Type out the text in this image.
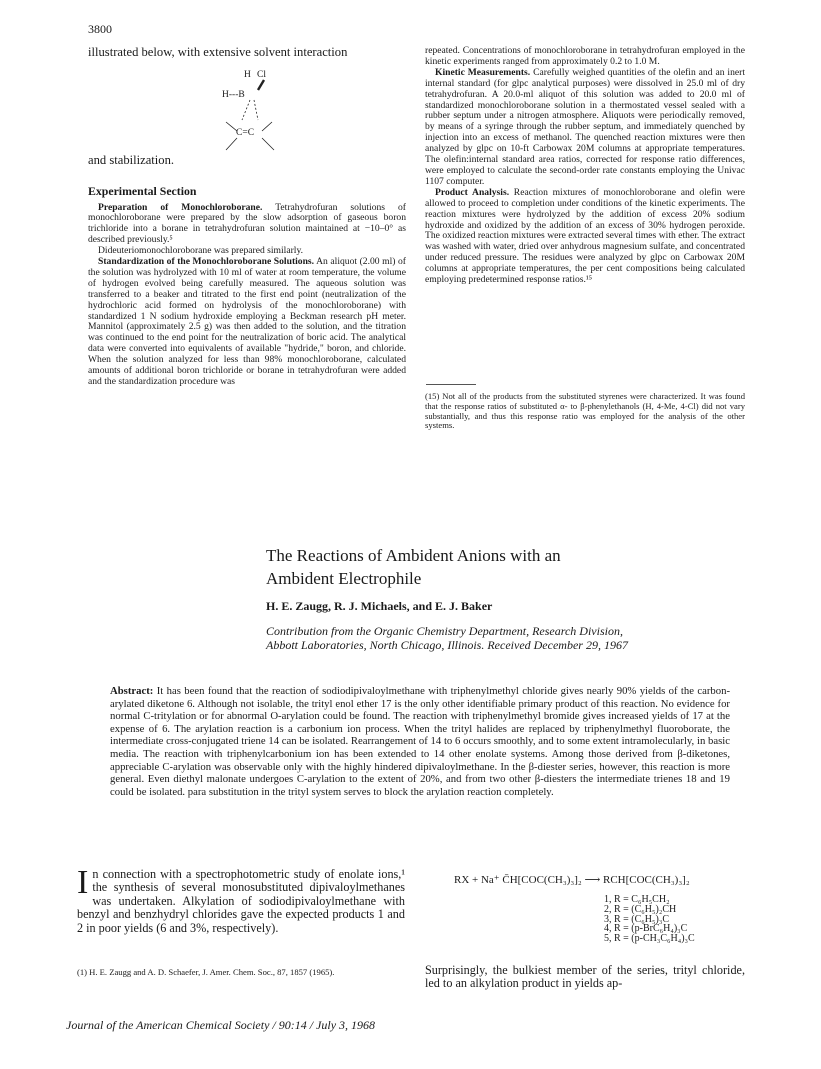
3800

illustrated below, with extensive solvent interaction

H Cl
H---B
C=C

and stabilization.

Experimental Section

Preparation of Monochloroborane. Tetrahydrofuran solutions of monochloroborane were prepared by the slow adsorption of gaseous boron trichloride into a borane in tetrahydrofuran solution maintained at −10–0° as described previously.⁵

Dideuteriomonochloroborane was prepared similarly.

Standardization of the Monochloroborane Solutions. An aliquot (2.00 ml) of the solution was hydrolyzed with 10 ml of water at room temperature, the volume of hydrogen evolved being carefully measured. The aqueous solution was transferred to a beaker and titrated to the first end point (neutralization of the hydrochloric acid formed on hydrolysis of the monochloroborane) with standardized 1 N sodium hydroxide employing a Beckman research pH meter. Mannitol (approximately 2.5 g) was then added to the solution, and the titration was continued to the end point for the neutralization of boric acid. The analytical data were converted into equivalents of available "hydride," boron, and chloride. When the solution analyzed for less than 98% monochloroborane, calculated amounts of additional boron trichloride or borane in tetrahydrofuran were added and the standardization procedure was

repeated. Concentrations of monochloroborane in tetrahydrofuran employed in the kinetic experiments ranged from approximately 0.2 to 1.0 M.

Kinetic Measurements. Carefully weighed quantities of the olefin and an inert internal standard (for glpc analytical purposes) were dissolved in 25.0 ml of dry tetrahydrofuran. A 20.0-ml aliquot of this solution was added to 20.0 ml of standardized monochloroborane solution in a thermostated vessel sealed with a rubber septum under a nitrogen atmosphere. Aliquots were periodically removed, by means of a syringe through the rubber septum, and immediately quenched by injection into an excess of methanol. The quenched reaction mixtures were then analyzed by glpc on 10-ft Carbowax 20M columns at appropriate temperatures. The olefin:internal standard area ratios, corrected for response ratio differences, were employed to calculate the second-order rate constants employing the Univac 1107 computer.

Product Analysis. Reaction mixtures of monochloroborane and olefin were allowed to proceed to completion under conditions of the kinetic experiments. The reaction mixtures were hydrolyzed by the addition of excess 20% sodium hydroxide and oxidized by the addition of an excess of 30% hydrogen peroxide. The oxidized reaction mixtures were extracted several times with ether. The extract was washed with water, dried over anhydrous magnesium sulfate, and concentrated under reduced pressure. The residues were analyzed by glpc on Carbowax 20M columns at appropriate temperatures, the per cent compositions being calculated employing predetermined response ratios.¹⁵

(15) Not all of the products from the substituted styrenes were characterized. It was found that the response ratios of substituted α- to β-phenylethanols (H, 4-Me, 4-Cl) did not vary substantially, and thus this response ratio was employed for the analysis of the other systems.
The Reactions of Ambident Anions with an
Ambident Electrophile
H. E. Zaugg, R. J. Michaels, and E. J. Baker
Contribution from the Organic Chemistry Department, Research Division,
Abbott Laboratories, North Chicago, Illinois. Received December 29, 1967
Abstract: It has been found that the reaction of sodiodipivaloylmethane with triphenylmethyl chloride gives nearly 90% yields of the carbon-arylated diketone 6. Although not isolable, the trityl enol ether 17 is the only other identifiable primary product of this reaction. No evidence for normal C-tritylation or for abnormal O-arylation could be found. The reaction with triphenylmethyl bromide gives increased yields of 17 at the expense of 6. The arylation reaction is a carbonium ion process. When the trityl halides are replaced by triphenylmethyl fluoroborate, the intermediate cross-conjugated triene 14 can be isolated. Rearrangement of 14 to 6 occurs smoothly, and to some extent intramolecularly, in basic media. The reaction with triphenylcarbonium ion has been extended to 14 other enolate systems. Among those derived from β-diketones, appreciable C-arylation was observable only with the highly hindered dipivaloylmethane. In the β-diester series, however, this reaction is more general. Even diethyl malonate undergoes C-arylation to the extent of 20%, and from two other β-diesters the intermediate trienes 18 and 19 could be isolated. para substitution in the trityl system serves to block the arylation reaction completely.
In connection with a spectrophotometric study of enolate ions,¹ the synthesis of several monosubstituted dipivaloylmethanes was undertaken. Alkylation of sodiodipivaloylmethane with benzyl and benzhydryl chlorides gave the expected products 1 and 2 in poor yields (6 and 3%, respectively).
(1) H. E. Zaugg and A. D. Schaefer, J. Amer. Chem. Soc., 87, 1857 (1965).
RX + Na⁺ C̄H[COC(CH₃)₃]₂ ⟶ RCH[COC(CH₃)₃]₂
1, R = C₆H₅CH₂
2, R = (C₆H₅)₂CH
3, R = (C₆H₅)₃C
4, R = (p-BrC₆H₄)₃C
5, R = (p-CH₃C₆H₄)₃C
Surprisingly, the bulkiest member of the series, trityl chloride, led to an alkylation product in yields ap-
Journal of the American Chemical Society / 90:14 / July 3, 1968
